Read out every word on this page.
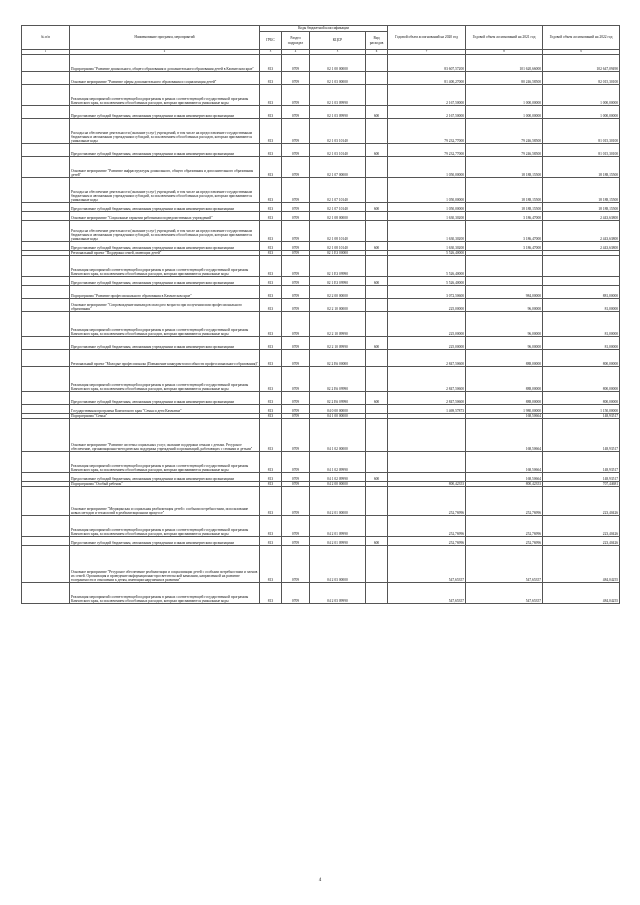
№ п/п	Наименование программ, мероприятий	Коды бюджетной классификации				Годовой объем ассигнований на 2020 год	Годовой объем ассигнований на 2021 год	Годовой объем ассигнований на 2022 год
		ГРБС	Раздел подраздел	КЦСР	Вид расходов			
1	2	3	4	5	6	7	8	9
	Подпрограмма "Развитие дошкольного, общего образования и дополнительного образования детей в Камчатском крае"	813	0709	02 1 00 00000		83 607,57200	101 620,66000	102 647,09490
	Основное мероприятие "Развитие сферы дополнительного образования и социализация детей"	813	0709	02 1 03 00000		81 400,27000	80 246,58500	82 015,30100
	Реализация мероприятий соответствующей подпрограммы в рамках соответствующей государственной программы Камчатского края, за исключением обособленных расходов, которым присваиваются уникальные коды	813	0709	02 1 03 09990		2 167,50000	1 000,00000	1 000,00000
	Предоставление субсидий бюджетным, автономным учреждениям и иным некоммерческим организациям	813	0709	02 1 03 09990	600	2 167,50000	1 000,00000	1 000,00000
	Расходы на обеспечение деятельности (оказание услуг) учреждений, в том числе на предоставление государственным бюджетным и автономным учреждениям субсидий, за исключением обособленных расходов, которым присваиваются уникальные коды	813	0709	02 1 03 10140		79 232,77000	79 246,58500	81 015,30100
	Предоставление субсидий бюджетным, автономным учреждениям и иным некоммерческим организациям	813	0709	02 1 03 10140	600	79 232,77000	79 246,58500	81 015,30100
	Основное мероприятие "Развитие инфраструктуры дошкольного, общего образования и дополнительного образования детей"	813	0709	02 1 07 00000		1 050,00000	18 188,15500	18 188,15500
	Расходы на обеспечение деятельности (оказание услуг) учреждений, в том числе на предоставление государственным бюджетным и автономным учреждениям субсидий, за исключением обособленных расходов, которым присваиваются уникальные коды	813	0709	02 1 07 10140		1 050,00000	18 188,15500	18 188,15500
	Предоставление субсидий бюджетным, автономным учреждениям и иным некоммерческим организациям	813	0709	02 1 07 10140	600	1 050,00000	18 188,15500	18 188,15500
	Основное мероприятие "Социальные гарантии работникам подведомственных учреждений"	813	0709	02 1 08 00000		1 630,30200	3 186,47000	2 443,63800
	Расходы на обеспечение деятельности (оказание услуг) учреждений, в том числе на предоставление государственным бюджетным и автономным учреждениям субсидий, за исключением обособленных расходов, которым присваиваются уникальные коды	813	0709	02 1 08 10140		1 630,30200	3 186,47000	2 443,63800
	Предоставление субсидий бюджетным, автономным учреждениям и иным некоммерческим организациям	813	0709	02 1 08 10140	600	1 630,30200	3 186,47000	2 443,63800
	Региональный проект "Поддержка семей, имеющих детей"	813	0709	02 1 E3 00000		5 526,40000		
	Реализация мероприятий соответствующей подпрограммы в рамках соответствующей государственной программы Камчатского края, за исключением обособленных расходов, которым присваиваются уникальные коды	813	0709	02 1 E3 09990		5 526,40000		
	Предоставление субсидий бюджетным, автономным учреждениям и иным некоммерческим организациям	813	0709	02 1 E3 09990	600	5 526,40000		
	Подпрограмма "Развитие профессионального образования в Камчатском крае"	813	0709	02 2 00 00000		3 072,50600	984,00000	881,00000
	Основное мероприятие "Сопровождение инвалидов молодого возраста при получении ими профессионального образования"	813	0709	02 2 10 00000		225,00000	96,00000	81,00000
	Реализация мероприятий соответствующей подпрограммы в рамках соответствующей государственной программы Камчатского края, за исключением обособленных расходов, которым присваиваются уникальные коды	813	0709	02 2 10 09990		225,00000	96,00000	81,00000
	Предоставление субсидий бюджетным, автономным учреждениям и иным некоммерческим организациям	813	0709	02 2 10 09990	600	225,00000	96,00000	81,00000
	Региональный проект "Молодые профессионалы (Повышение конкурентоспособности профессионального образования)"	813	0709	02 2 E6 00000		2 847,50600	888,00000	800,00000
	Реализация мероприятий соответствующей подпрограммы в рамках соответствующей государственной программы Камчатского края, за исключением обособленных расходов, которым присваиваются уникальные коды	813	0709	02 2 E6 09990		2 847,50600	888,00000	800,00000
	Предоставление субсидий бюджетным, автономным учреждениям и иным некоммерческим организациям	813	0709	02 2 E6 09990	600	2 847,50600	888,00000	800,00000
	Государственная программа Камчатского края "Семья и дети Камчатки"	813	0709	04 0 00 00000		1 469,57873	1 980,00000	1 150,00000
	Подпрограмма "Семья"	813	0709	04 1 00 00000			168,50664	148,93517
	Основное мероприятие "Развитие системы социальных услуг, оказание поддержки семьям с детьми. Ресурсное обеспечение, организационно-методическая поддержка учреждений и организаций, работающих с семьями и детьми"	813	0709	04 1 02 00000			168,50664	148,93517
	Реализация мероприятий соответствующей подпрограммы в рамках соответствующей государственной программы Камчатского края, за исключением обособленных расходов, которым присваиваются уникальные коды	813	0709	04 1 02 09990			168,50664	148,93517
	Предоставление субсидий бюджетным, автономным учреждениям и иным некоммерческим организациям	813	0709	04 1 02 09990	600		168,50664	148,93517
	Подпрограмма "Особый ребенок"	813	0709	04 2 00 00000		800,42353	800,42353	707,44681
	Основное мероприятие "Медицинская и социальная реабилитация детей с особыми потребностями, использование новых методов и технологий в реабилитационном процессе"	813	0709	04 2 01 00000		252,76996	252,76996	223,40426
	Реализация мероприятий соответствующей подпрограммы в рамках соответствующей государственной программы Камчатского края, за исключением обособленных расходов, которым присваиваются уникальные коды	813	0709	04 2 01 09990		252,76996	252,76996	223,40426
	Предоставление субсидий бюджетным, автономным учреждениям и иным некоммерческим организациям	813	0709	04 2 01 09990	600	252,76996	252,76996	223,40426
	Основное мероприятие "Ресурсное обеспечение реабилитации и социализации детей с особыми потребностями и членов их семей. Организация и проведение информационно-просветительской кампании, направленной на развитие толерантности в отношении к детям, имеющим нарушения в развитии"	813	0709	04 2 03 00000		547,65357	547,65357	484,04255
	Реализация мероприятий соответствующей подпрограммы в рамках соответствующей государственной программы Камчатского края, за исключением обособленных расходов, которым присваиваются уникальные коды	813	0709	04 2 03 09990		547,65357	547,65357	484,04255
4
